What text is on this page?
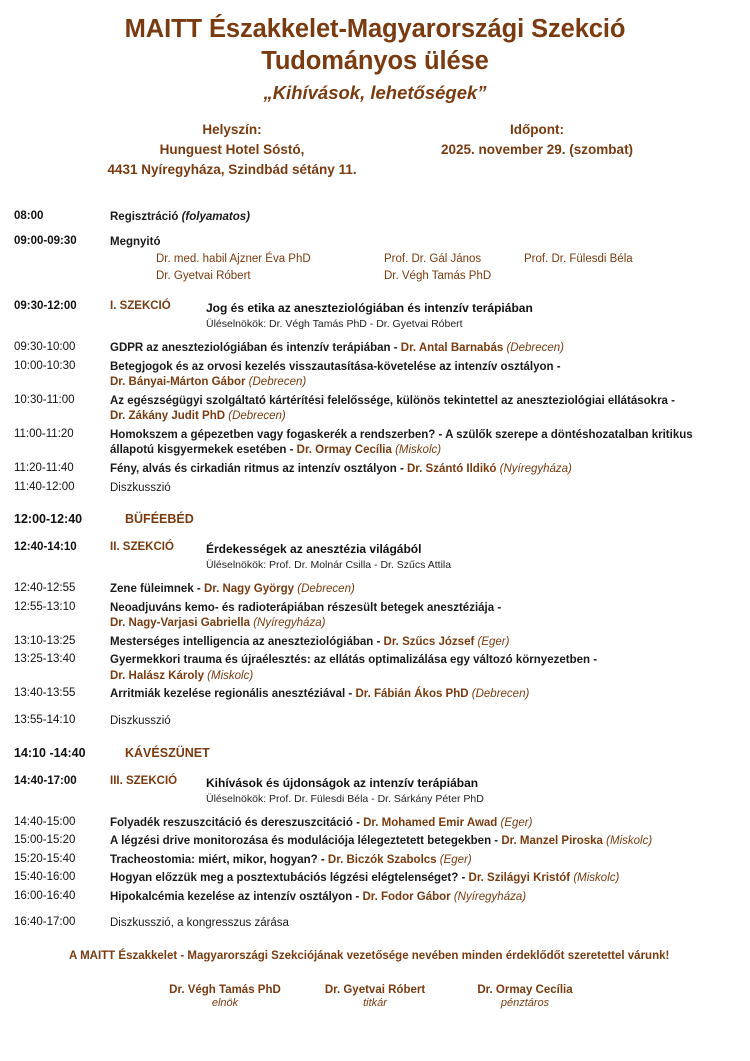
MAITT Északkelet-Magyarországi Szekció
Tudományos ülése
„Kihívások, lehetőségek”
Helyszín:
Hunguest Hotel Sóstó,
4431 Nyíregyháza, Szindbád sétány 11.
Időpont:
2025. november 29. (szombat)
08:00	Regisztráció (folyamatos)
09:00-09:30	Megnyitó
Dr. med. habil Ajzner Éva PhD	Prof. Dr. Gál János	Prof. Dr. Fülesdi Béla
Dr. Gyetvai Róbert	Dr. Végh Tamás PhD
09:30-12:00	I. SZEKCIÓ	Jog és etika az aneszteziológiában és intenzív terápiában
Üléselnökök: Dr. Végh Tamás PhD - Dr. Gyetvai Róbert
09:30-10:00	GDPR az aneszteziológiában és intenzív terápiában - Dr. Antal Barnabás (Debrecen)
10:00-10:30	Betegjogok és az orvosi kezelés visszautasítása-követelése az intenzív osztályon -
Dr. Bányai-Márton Gábor (Debrecen)
10:30-11:00	Az egészségügyi szolgáltató kártérítési felelőssége, különös tekintettel az aneszteziológiai ellátásokra -
Dr. Zákány Judit PhD (Debrecen)
11:00-11:20	Homokszem a gépezetben vagy fogaskerék a rendszerben? - A szülők szerepe a döntéshozatalban kritikus állapotú kisgyermekek esetében - Dr. Ormay Cecília (Miskolc)
11:20-11:40	Fény, alvás és cirkadián ritmus az intenzív osztályon - Dr. Szántó Ildikó (Nyíregyháza)
11:40-12:00	Diszkusszió
12:00-12:40	BÜFÉEBÉD
12:40-14:10	II. SZEKCIÓ	Érdekességek az anesztézia világából
Üléselnökök: Prof. Dr. Molnár Csilla - Dr. Szűcs Attila
12:40-12:55	Zene füleimnek - Dr. Nagy György (Debrecen)
12:55-13:10	Neoadjuváns kemo- és radioterápiában részesült betegek anesztéziája -
Dr. Nagy-Varjasi Gabriella (Nyíregyháza)
13:10-13:25	Mesterséges intelligencia az aneszteziológiában - Dr. Szűcs József (Eger)
13:25-13:40	Gyermekkori trauma és újraélesztés: az ellátás optimalizálása egy változó környezetben -
Dr. Halász Károly (Miskolc)
13:40-13:55	Arritmiák kezelése regionális anesztéziával - Dr. Fábián Ákos PhD (Debrecen)
13:55-14:10	Diszkusszió
14:10 -14:40	KÁVÉSZÜNET
14:40-17:00	III. SZEKCIÓ	Kihívások és újdonságok az intenzív terápiában
Üléselnökök: Prof. Dr. Fülesdi Béla - Dr. Sárkány Péter PhD
14:40-15:00	Folyadék reszuszcitáció és dereszuszcitáció - Dr. Mohamed Emir Awad (Eger)
15:00-15:20	A légzési drive monitorozása és modulációja lélegeztetett betegekben - Dr. Manzel Piroska (Miskolc)
15:20-15:40	Tracheostomia: miért, mikor, hogyan? - Dr. Biczók Szabolcs (Eger)
15:40-16:00	Hogyan előzzük meg a posztextubációs légzési elégtelenséget? - Dr. Szilágyi Kristóf (Miskolc)
16:00-16:40	Hipokalcémia kezelése az intenzív osztályon - Dr. Fodor Gábor (Nyíregyháza)
16:40-17:00	Diszkusszió, a kongresszus zárása
A MAITT Északkelet - Magyarországi Szekciójának vezetősége nevében minden érdeklődőt szeretettel várunk!
Dr. Végh Tamás PhD
elnök
Dr. Gyetvai Róbert
titkár
Dr. Ormay Cecília
pénztáros
